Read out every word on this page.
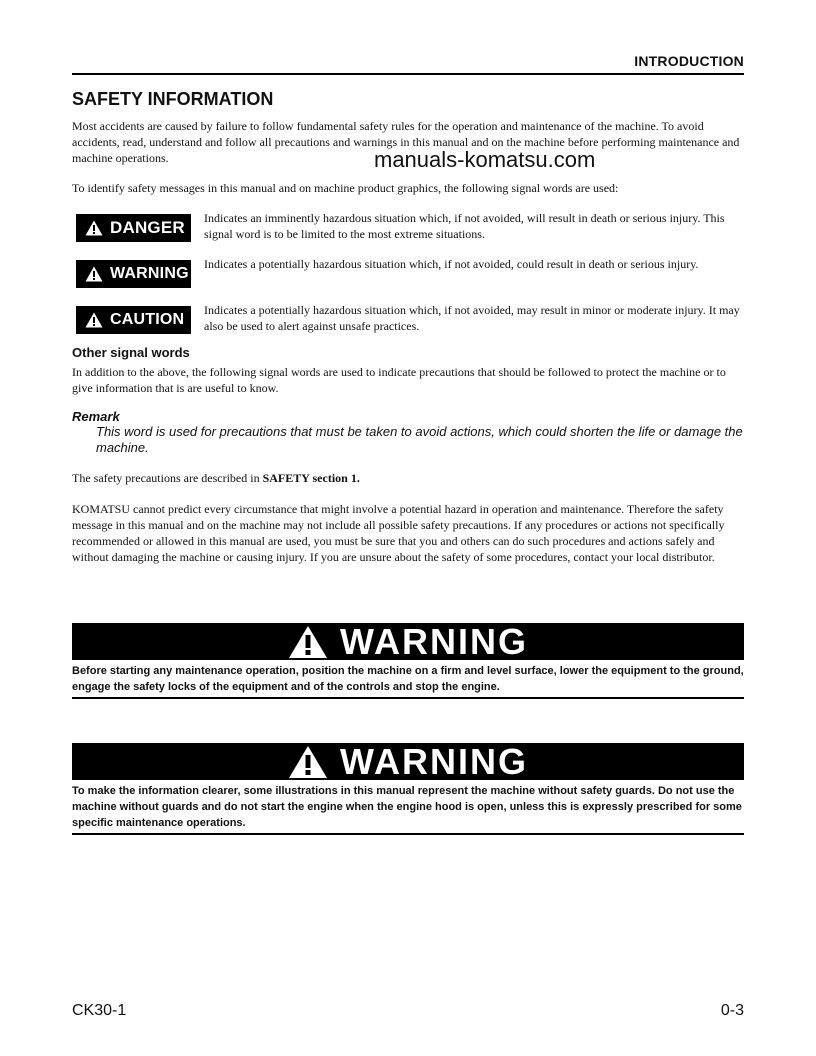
INTRODUCTION
SAFETY INFORMATION
manuals-komatsu.com
Most accidents are caused by failure to follow fundamental safety rules for the operation and maintenance of the machine. To avoid accidents, read, understand and follow all precautions and warnings in this manual and on the machine before performing maintenance and machine operations.
To identify safety messages in this manual and on machine product graphics, the following signal words are used:
DANGER Indicates an imminently hazardous situation which, if not avoided, will result in death or serious injury. This signal word is to be limited to the most extreme situations.
WARNING
Indicates a potentially hazardous situation which, if not avoided, could result in death or serious injury.
CAUTION
Indicates a potentially hazardous situation which, if not avoided, may result in minor or moderate injury. It may also be used to alert against unsafe practices.
Other signal words
In addition to the above, the following signal words are used to indicate precautions that should be followed to protect the machine or to give information that is are useful to know.
Remark
This word is used for precautions that must be taken to avoid actions, which could shorten the life or damage the machine.
The safety precautions are described in SAFETY section 1.
KOMATSU cannot predict every circumstance that might involve a potential hazard in operation and maintenance. Therefore the safety message in this manual and on the machine may not include all possible safety precautions. If any procedures or actions not specifically recommended or allowed in this manual are used, you must be sure that you and others can do such procedures and actions safely and without damaging the machine or causing injury. If you are unsure about the safety of some procedures, contact your local distributor.
WARNING
Before starting any maintenance operation, position the machine on a firm and level surface, lower the equipment to the ground, engage the safety locks of the equipment and of the controls and stop the engine.
WARNING
To make the information clearer, some illustrations in this manual represent the machine without safety guards. Do not use the machine without guards and do not start the engine when the engine hood is open, unless this is expressly prescribed for some specific maintenance operations.
CK30-1	0-3
